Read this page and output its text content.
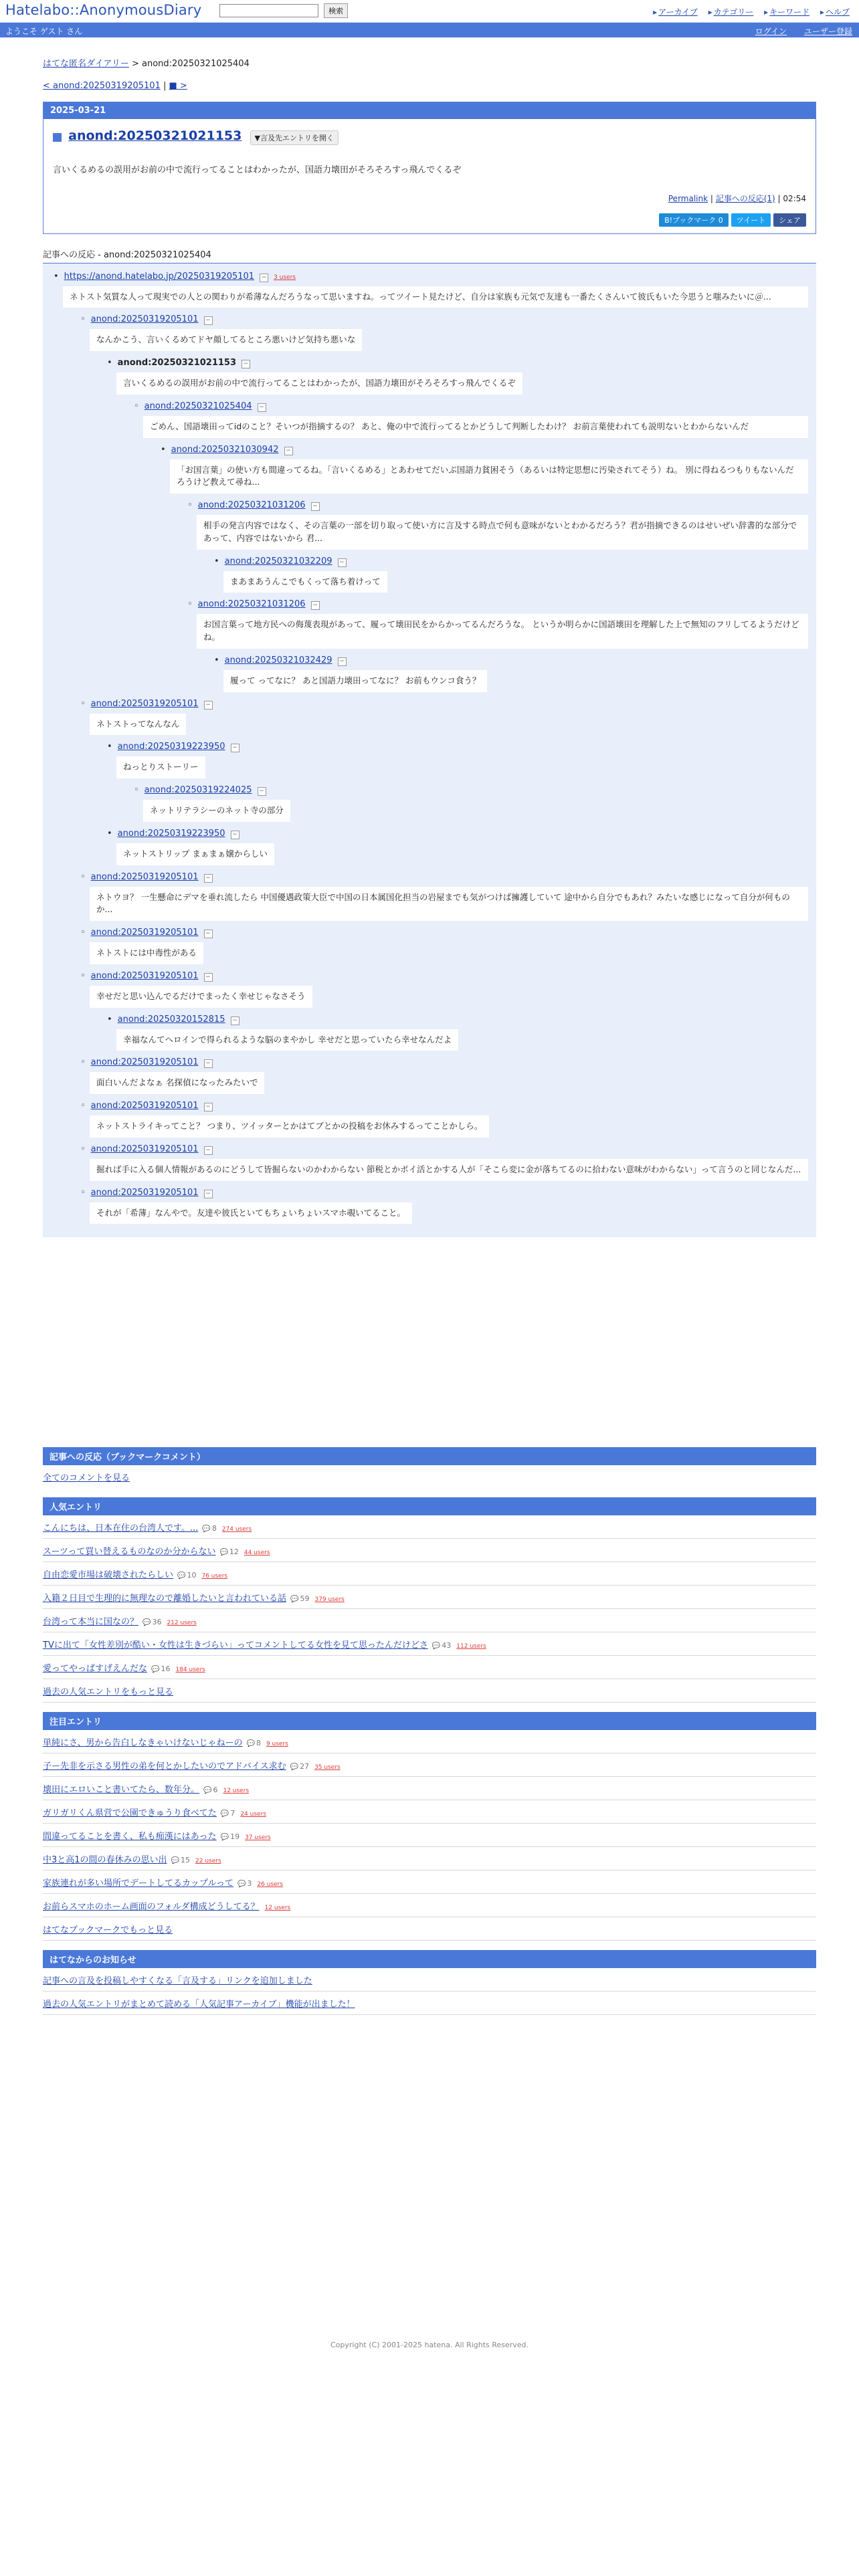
Hatelabo::AnonymousDiary	検索	▸ アーカイブ ▸ カテゴリー ▸ キーワード ▸ ヘルプ
ようこそ ゲスト さん	ログイン ユーザー登録
はてな匿名ダイアリー > anond:20250321025404
< anond:20250319205101 | ■ >
2025-03-21
anond:20250321021153 ▼言及先エントリを開く
言いくるめるの誤用がお前の中で流行ってることはわかったが、国語力壊田がそろそろすっ飛んでくるぞ
Permalink | 記事への反応(1) | 02:54
B!ブックマーク 0 ツイート シェア
記事への反応 - anond:20250321025404
• https://anond.hatelabo.jp/20250319205101 − 3 users
ネトスト気質な人って現実での人との関わりが希薄なんだろうなって思いますね。ってツイート見たけど、自分は家族も元気で友達も一番たくさんいて彼氏もいた今思うと嗤みたいに＠...
◦ anond:20250319205101 −
なんかこう、言いくるめてドヤ顔してるところ悪いけど気持ち悪いな
• anond:20250321021153 −
言いくるめるの誤用がお前の中で流行ってることはわかったが、国語力壊田がそろそろすっ飛んでくるぞ
◦ anond:20250321025404 −
ごめん、国語壊田ってidのこと？そいつが指摘するの？ あと、俺の中で流行ってるとかどうして判断したわけ？ お前言葉使われても説明ないとわからないんだ
• anond:20250321030942 −
「お国言葉」の使い方も間違ってるね。「言いくるめる」とあわせてだいぶ国語力貧困そう（あるいは特定思想に汚染されてそう）ね。 別に得ねるつもりもないんだろうけど教えて尋ね...
◦ anond:20250321031206 −
相手の発言内容ではなく、その言葉の一部を切り取って使い方に言及する時点で何も意味がないとわかるだろう？君が指摘できるのはせいぜい辞書的な部分であって、内容ではないから 君...
• anond:20250321032209 −
まあまあうんこでもくって落ち着けって
◦ anond:20250321031206 −
お国言葉って地方民への侮蔑表現があって、履って壊田民をからかってるんだろうな。 というか明らかに国語壊田を理解した上で無知のフリしてるようだけどね。
• anond:20250321032429 −
履って ってなに？ あと国語力壊田ってなに？ お前もウンコ食う？
◦ anond:20250319205101 −
ネトストってなんなん
• anond:20250319223950 −
ねっとりストーリー
◦ anond:20250319224025 −
ネットリテラシーのネット寺の部分
• anond:20250319223950 −
ネットストリップ まぁまぁ嬢からしい
◦ anond:20250319205101 −
ネトウヨ？ 一生懸命にデマを垂れ流したら 中国優遇政策大臣で中国の日本属国化担当の岩屋までも気がつけば擁護していて 途中から自分でもあれ？みたいな感じになって自分が何ものか...
◦ anond:20250319205101 −
ネトストには中毒性がある
◦ anond:20250319205101 −
幸せだと思い込んでるだけでまったく幸せじゃなさそう
• anond:20250320152815 −
幸福なんてヘロインで得られるような脳のまやかし 幸せだと思っていたら幸せなんだよ
◦ anond:20250319205101 −
面白いんだよなぁ 名探偵になったみたいで
◦ anond:20250319205101 −
ネットストライキってこと？ つまり、ツイッターとかはてブとかの投稿をお休みするってことかしら。
◦ anond:20250319205101 −
掘れば手に入る個人情報があるのにどうして皆掘らないのかわからない 節税とかポイ活とかする人が「そこら変に金が落ちてるのに拾わない意味がわからない」って言うのと同じなんだ...
◦ anond:20250319205101 −
それが「希薄」なんやで。友達や彼氏といてもちょいちょいスマホ覗いてること。
記事への反応（ブックマークコメント）
全てのコメントを見る
人気エントリ
こんにちは、日本在住の台湾人です。... 💬 8 274 users
スーツって買い替えるものなのか分からない 💬 12 44 users
自由恋愛市場は破壊されたらしい 💬 10 76 users
入籍２日目で生理的に無理なので離婚したいと言われている話 💬 59 379 users
台湾って本当に国なの？ 💬 36 212 users
TVに出て「女性差別が酷い・女性は生きづらい」ってコメントしてる女性を見て思ったんだけどさ 💬 43 112 users
愛ってやっぱすげえんだな 💬 16 184 users
過去の人気エントリをもっと見る
注目エントリ
単純にさ、男から告白しなきゃいけないじゃねーの 💬 8 9 users
子ー先非を示さる男性の弟を何とかしたいのでアドバイス求む 💬 27 35 users
壊田にエロいこと書いてたら、数年分。 💬 6 12 users
ガリガリくん県営で公園できゅうり食べてた 💬 7 24 users
間違ってることを書く、私も痴漢にはあった 💬 19 37 users
中3と高1の間の春休みの思い出 💬 15 22 users
家族連れが多い場所でデートしてるカップルって 💬 3 26 users
お前らスマホのホーム画面のフォルダ構成どうしてる？ 12 users
はてなブックマークでもっと見る
はてなからのお知らせ
記事への言及を投稿しやすくなる「言及する」リンクを追加しました
過去の人気エントリがまとめて読める「人気記事アーカイブ」機能が出ました！
Copyright (C) 2001-2025 hatena. All Rights Reserved.
